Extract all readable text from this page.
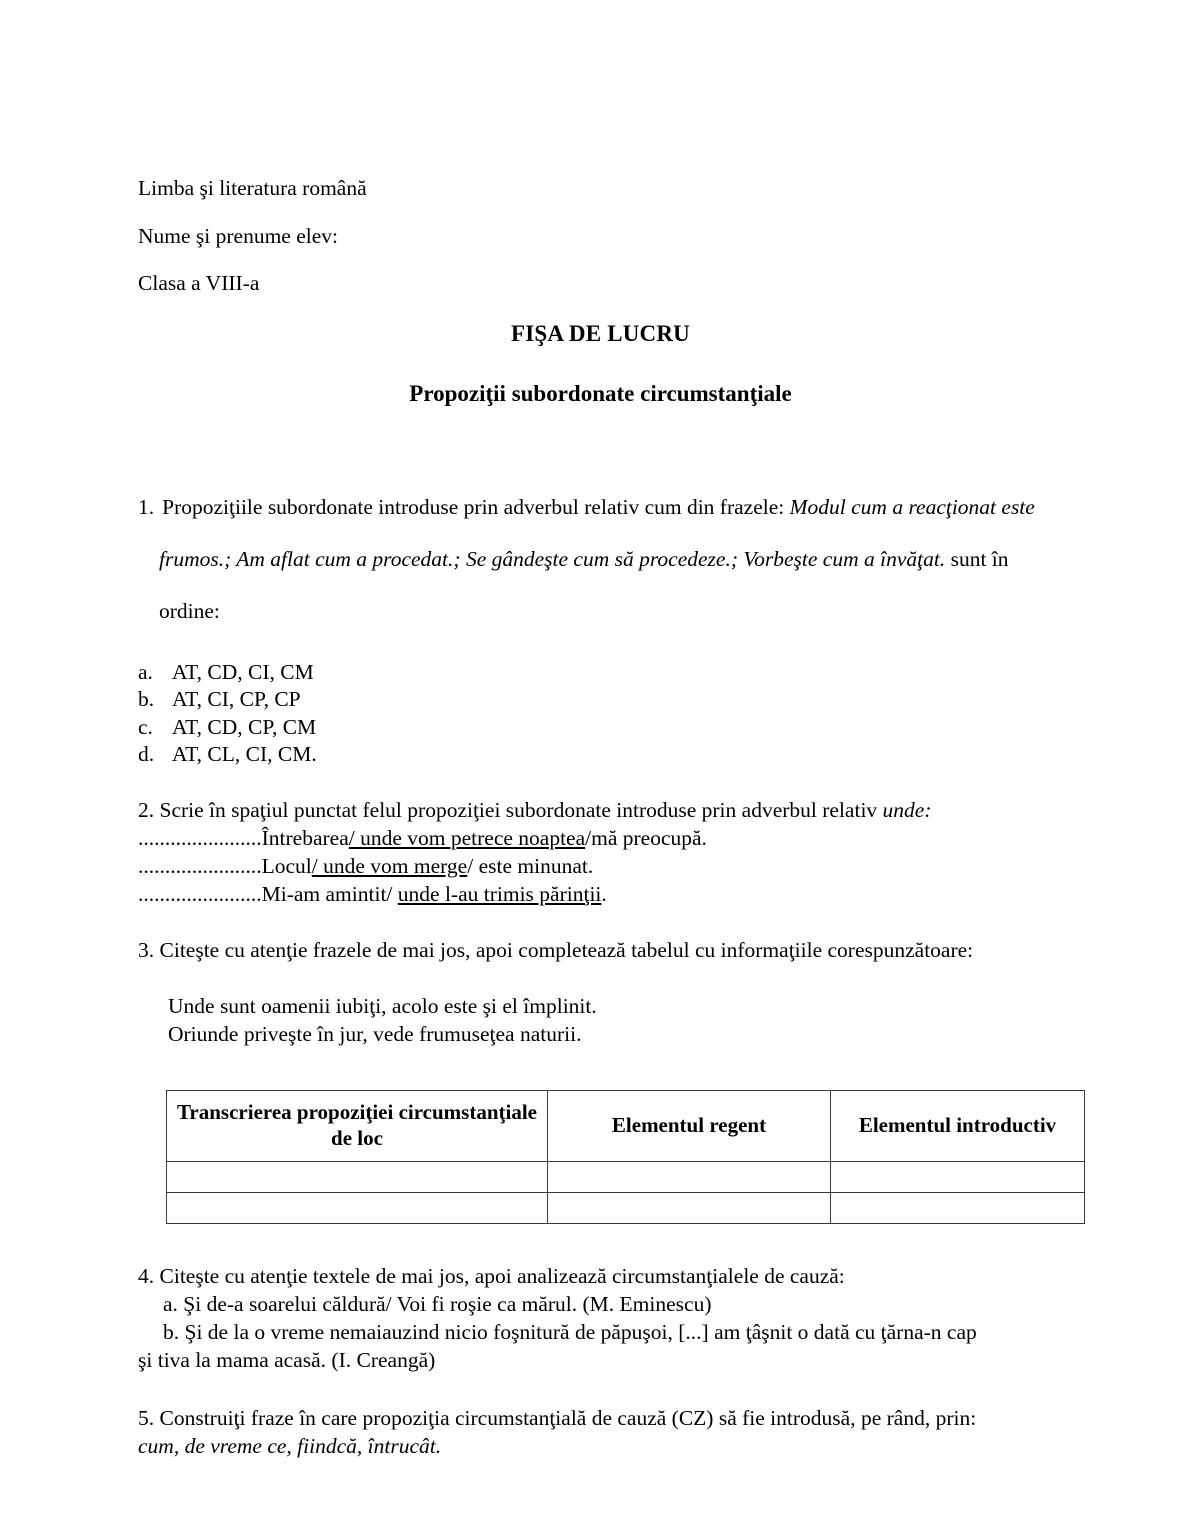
Limba şi literatura română
Nume şi prenume elev:
Clasa a VIII-a
FIŞA DE LUCRU
Propoziţii subordonate circumstanţiale
1. Propoziţiile subordonate introduse prin adverbul relativ cum din frazele: Modul cum a reacţionat este frumos.; Am aflat cum a procedat.; Se gândeşte cum să procedeze.; Vorbeşte cum a învăţat. sunt în ordine:
a. AT, CD, CI, CM
b. AT, CI, CP, CP
c. AT, CD, CP, CM
d. AT, CL, CI, CM.
2. Scrie în spaţiul punctat felul propoziţiei subordonate introduse prin adverbul relativ unde:
.......................Întrebarea/ unde vom petrece noaptea/mă preocupă.
.......................Locul/ unde vom merge/ este minunat.
.......................Mi-am amintit/ unde l-au trimis părinţii.
3. Citeşte cu atenţie frazele de mai jos, apoi completează tabelul cu informaţiile corespunzătoare:
Unde sunt oamenii iubiţi, acolo este şi el împlinit.
Oriunde priveşte în jur, vede frumuseţea naturii.
Transcrierea propoziţiei circumstanţiale de loc	Elementul regent	Elementul introductiv

4. Citeşte cu atenţie textele de mai jos, apoi analizează circumstanţialele de cauză:
a. Şi de-a soarelui căldură/ Voi fi roşie ca mărul. (M. Eminescu)
b. Şi de la o vreme nemaiauzind nicio foşnitură de păpuşoi, [...] am ţâşnit o dată cu ţărna-n cap
şi tiva la mama acasă. (I. Creangă)
5. Construiţi fraze în care propoziţia circumstanţială de cauză (CZ) să fie introdusă, pe rând, prin:
cum, de vreme ce, fiindcă, întrucât.
